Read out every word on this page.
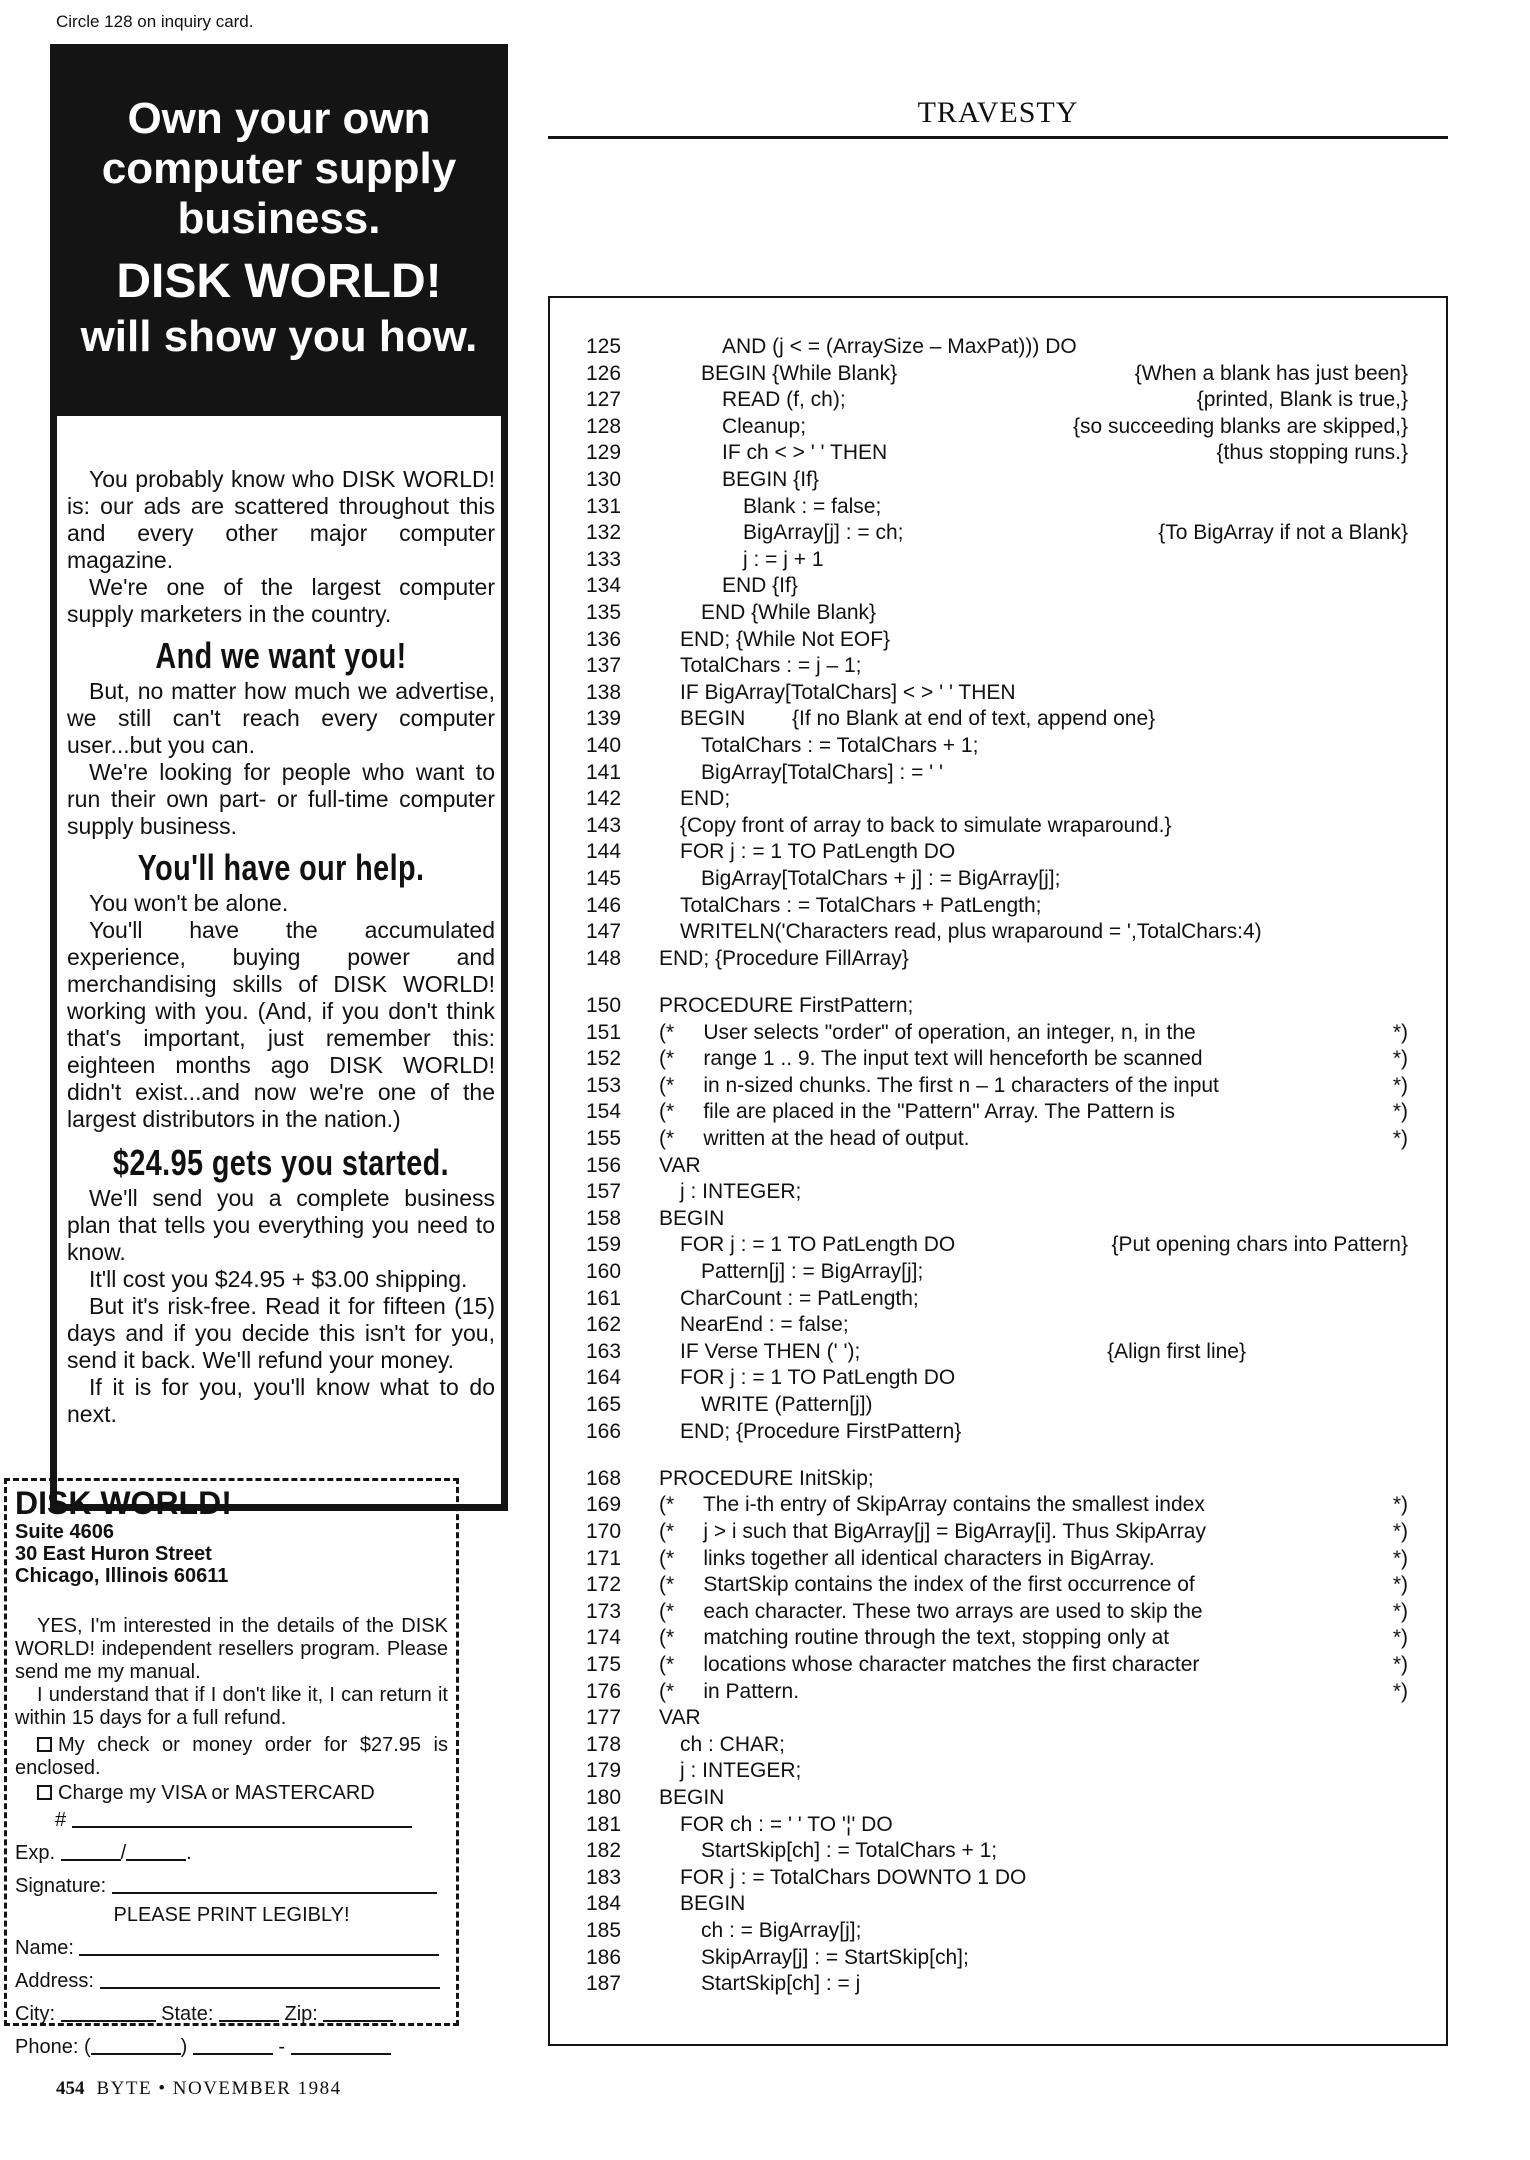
Circle 128 on inquiry card.
Own your own
computer supply
business.
DISK WORLD!
will show you how.

You probably know who DISK WORLD! is: our ads are scattered throughout this and every other major computer magazine.

We're one of the largest computer supply marketers in the country.

And we want you!

But, no matter how much we advertise, we still can't reach every computer user...but you can.

We're looking for people who want to run their own part- or full-time computer supply business.

You'll have our help.

You won't be alone.

You'll have the accumulated experience, buying power and merchandising skills of DISK WORLD! working with you. (And, if you don't think that's important, just remember this: eighteen months ago DISK WORLD! didn't exist...and now we're one of the largest distributors in the nation.)

$24.95 gets you started.

We'll send you a complete business plan that tells you everything you need to know.

It'll cost you $24.95 + $3.00 shipping.

But it's risk-free. Read it for fifteen (15) days and if you decide this isn't for you, send it back. We'll refund your money.

If it is for you, you'll know what to do next.

DISK WORLD!
Suite 4606
30 East Huron Street
Chicago, Illinois 60611
YES, I'm interested in the details of the DISK WORLD! independent resellers program. Please send me my manual.
I understand that if I don't like it, I can return it within 15 days for a full refund.
My check or money order for $27.95 is enclosed.
Charge my VISA or MASTERCARD
#
Exp.	/	.
Signature:
PLEASE PRINT LEGIBLY!
Name:
Address:
City:	State:	Zip:
Phone: (	)	-
454 BYTE • NOVEMBER 1984
TRAVESTY
125	AND (j < = (ArraySize – MaxPat))) DO
126	BEGIN {While Blank}	{When a blank has just been}
127	READ (f, ch);	{printed, Blank is true,}
128	Cleanup;	{so succeeding blanks are skipped,}
129	IF ch < > ' ' THEN	{thus stopping runs.}
130	BEGIN {If}
131	Blank : = false;
132	BigArray[j] : = ch;	{To BigArray if not a Blank}
133	j : = j + 1
134	END {If}
135	END {While Blank}
136	END; {While Not EOF}
137	TotalChars : = j – 1;
138	IF BigArray[TotalChars] < > ' ' THEN
139	BEGIN        {If no Blank at end of text, append one}
140	TotalChars : = TotalChars + 1;
141	BigArray[TotalChars] : = ' '
142	END;
143	{Copy front of array to back to simulate wraparound.}
144	FOR j : = 1 TO PatLength DO
145	BigArray[TotalChars + j] : = BigArray[j];
146	TotalChars : = TotalChars + PatLength;
147	WRITELN('Characters read, plus wraparound = ',TotalChars:4)
148	END; {Procedure FillArray}
150	PROCEDURE FirstPattern;
151	(*     User selects "order" of operation, an integer, n, in the	*)
152	(*     range 1 .. 9. The input text will henceforth be scanned	*)
153	(*     in n-sized chunks. The first n – 1 characters of the input	*)
154	(*     file are placed in the "Pattern" Array. The Pattern is	*)
155	(*     written at the head of output.	*)
156	VAR
157	j : INTEGER;
158	BEGIN
159	FOR j : = 1 TO PatLength DO	{Put opening chars into Pattern}
160	Pattern[j] : = BigArray[j];
161	CharCount : = PatLength;
162	NearEnd : = false;
163	IF Verse THEN (' ');	{Align first line}
164	FOR j : = 1 TO PatLength DO
165	WRITE (Pattern[j])
166	END; {Procedure FirstPattern}
168	PROCEDURE InitSkip;
169	(*     The i-th entry of SkipArray contains the smallest index	*)
170	(*     j > i such that BigArray[j] = BigArray[i]. Thus SkipArray	*)
171	(*     links together all identical characters in BigArray.	*)
172	(*     StartSkip contains the index of the first occurrence of	*)
173	(*     each character. These two arrays are used to skip the	*)
174	(*     matching routine through the text, stopping only at	*)
175	(*     locations whose character matches the first character	*)
176	(*     in Pattern.	*)
177	VAR
178	ch : CHAR;
179	j : INTEGER;
180	BEGIN
181	FOR ch : = ' ' TO '¦' DO
182	StartSkip[ch] : = TotalChars + 1;
183	FOR j : = TotalChars DOWNTO 1 DO
184	BEGIN
185	ch : = BigArray[j];
186	SkipArray[j] : = StartSkip[ch];
187	StartSkip[ch] : = j
